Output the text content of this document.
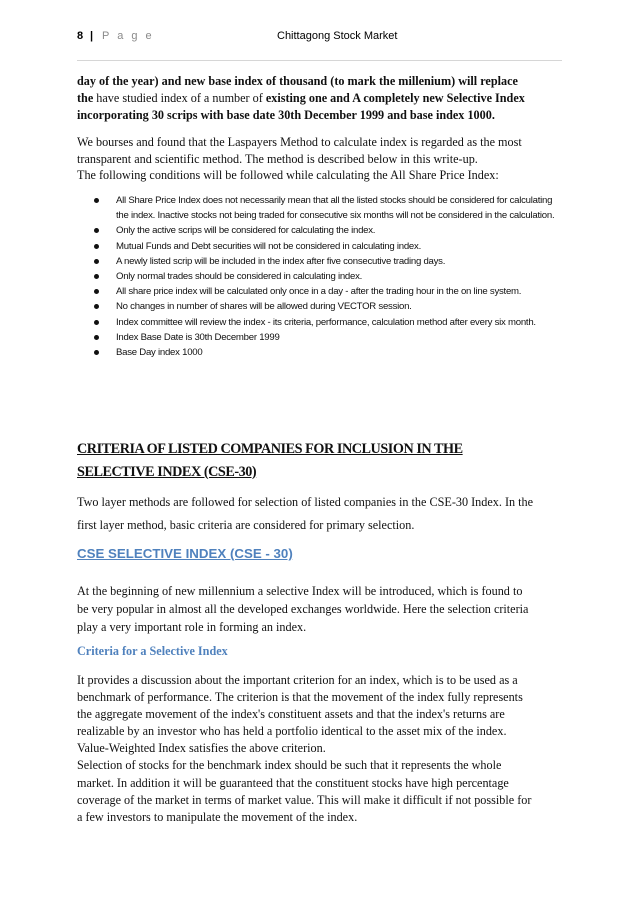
8 | P a g e	Chittagong Stock Market
day of the year) and new base index of thousand (to mark the millenium) will replace
the have studied index of a number of existing one and A completely new Selective Index
incorporating 30 scrips with base date 30th December 1999 and base index 1000.
We bourses and found that the Laspayers Method to calculate index is regarded as the most
transparent and scientific method. The method is described below in this write-up.
The following conditions will be followed while calculating the All Share Price Index:
All Share Price Index does not necessarily mean that all the listed stocks should be considered for calculating the index. Inactive stocks not being traded for consecutive six months will not be considered in the calculation.
Only the active scrips will be considered for calculating the index.
Mutual Funds and Debt securities will not be considered in calculating index.
A newly listed scrip will be included in the index after five consecutive trading days.
Only normal trades should be considered in calculating index.
All share price index will be calculated only once in a day - after the trading hour in the on line system.
No changes in number of shares will be allowed during VECTOR session.
Index committee will review the index - its criteria, performance, calculation method after every six month.
Index Base Date is 30th December 1999
Base Day index 1000
CRITERIA OF LISTED COMPANIES FOR INCLUSION IN THE
SELECTIVE INDEX (CSE-30)
Two layer methods are followed for selection of listed companies in the CSE-30 Index. In the
first layer method, basic criteria are considered for primary selection.
CSE SELECTIVE INDEX (CSE - 30)
At the beginning of new millennium a selective Index will be introduced, which is found to
be very popular in almost all the developed exchanges worldwide. Here the selection criteria
play a very important role in forming an index.
Criteria for a Selective Index
It provides a discussion about the important criterion for an index, which is to be used as a
benchmark of performance. The criterion is that the movement of the index fully represents
the aggregate movement of the index's constituent assets and that the index's returns are
realizable by an investor who has held a portfolio identical to the asset mix of the index.
Value-Weighted Index satisfies the above criterion.
Selection of stocks for the benchmark index should be such that it represents the whole
market. In addition it will be guaranteed that the constituent stocks have high percentage
coverage of the market in terms of market value. This will make it difficult if not possible for
a few investors to manipulate the movement of the index.
